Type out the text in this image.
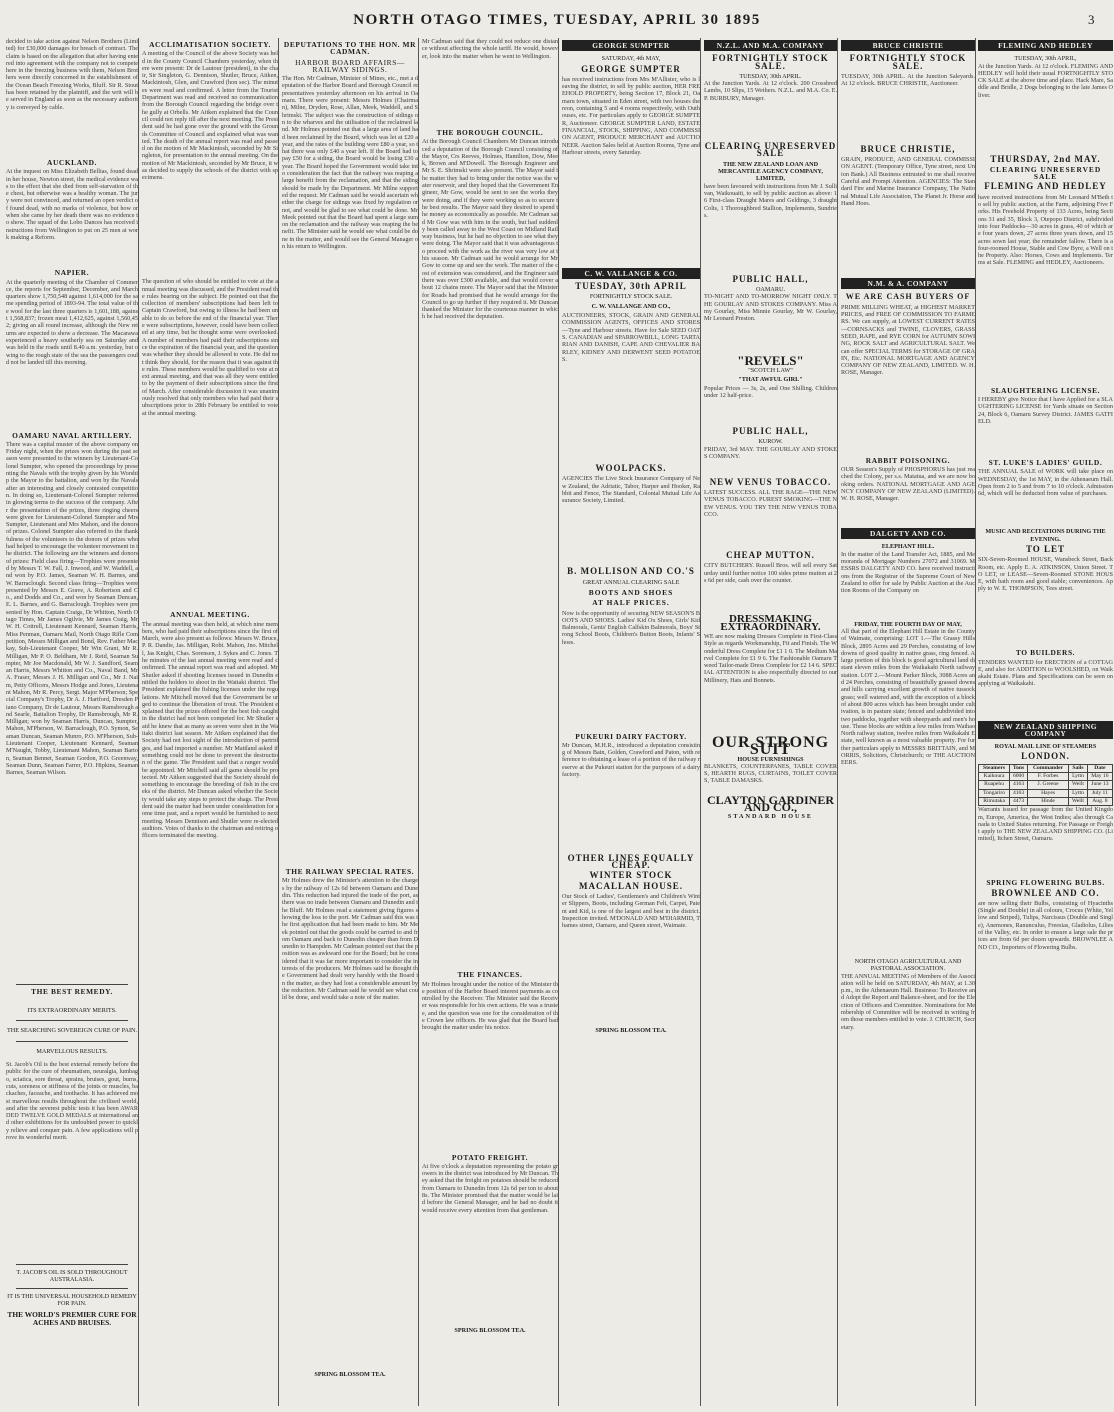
NORTH OTAGO TIMES, TUESDAY, APRIL 30 1895	3
decided to take action against Nelson Brothers (Limited) for £30,000 damages for breach of contract. The claim is based on the allegation that after having entered into agreement with the company not to compete here in the freezing business with them, Nelson Brothers were directly concerned in the establishment of the Ocean Beach Freezing Works, Bluff. Sir R. Stout has been retained by the plaintiff, and the writ will be served in England as soon as the necessary authority is conveyed by cable.
AUCKLAND.
At the inquest on Miss Elizabeth Bellias, found dead in her house, Newton street, the medical evidence was to the effect that she died from self-starvation of the chest, but otherwise was a healthy woman. The jury were not convinced, and returned an open verdict of found dead, with no marks of violence, but how or when she came by her death there was no evidence to show. The squad of the Lobo Dances has received instructions from Wellington to put on 25 men at work making a Reform.
NAPIER.
At the quarterly meeting of the Chamber of Commerce, the reports for September, December, and March quarters show 1,750,548 against 1,614,000 for the same spending period of 1893-94. The total value of the wool for the last three quarters is 1,601,188, against 1,568,837; frozen meat 1,412,625, against 1,560,452; giving an all round increase, although the New returns are expected to show a decrease. The Macarawa experienced a heavy southerly sea on Saturday and was held in the roads until 8.40 a.m. yesterday, but owing to the rough state of the sea the passengers could not be landed till this morning.
OAMARU NAVAL ARTILLERY.
There was a capital muster of the above company on Friday night, when the prizes won during the past season were presented to the winners by Lieutenant-Colonel Sumpter, who opened the proceedings by presenting the Navals with the trophy given by his Worship the Mayor to the battalion, and won by the Navals after an interesting and closely contested competition. In doing so, Lieutenant-Colonel Sumpter referred in glowing terms to the success of the company. After the presentation of the prizes, three ringing cheers were given for Lieutenant-Colonel Sumpter and Mrs Sumpter, Lieutenant and Mrs Mahon, and the donors of prizes. Colonel Sumpter also referred to the thankfulness of the volunteers to the donors of prizes who had helped to encourage the volunteer movement in the district. The following are the winners and donors of prizes: Field class firing—Trophies were presented by Messrs T. W. Fall, J. Inwood, and W. Waddell, and won by P.O. James, Seaman W. H. Barnes, and W. Barraclough. Second class firing—Trophies were presented by Messrs E. Grave, A. Robertson and Co., and Dodds and Co., and won by Seaman Duncan, E. L. Barnes, and G. Barraclough. Trophies were presented by Hon. Captain Craigs, Dr Whitton, North Otago Times, Mr James Ogilvie, Mr James Craig, Mr W. H. Cottrell, Lieutenant Kennard, Seaman Harris, Miss Penman, Oamaru Mail, North Otago Rifle Competition, Messrs Milligan and Bond, Rev. Father Mackay, Sub-Lieutenant Cooper, Mr Win Grant, Mr R. Milligan, Mr P. O. Beldham, Mr J. Reid, Seaman Sumpter, Mr Joe Macdonald, Mr W. J. Sandford, Seaman Harris, Messrs Whitton and Co., Naval Band, Mr A. Fraser, Messrs J. H. Milligan and Co., Mr J. Naim, Petty Officers, Messrs Hodge and Jones, Lieutenant Mahon, Mr R. Percy, Sergt. Major M'Pherson; Special Company's Trophy, Dr A. J. Hartford, Dresden Piano Company, Dr de Lautour, Messrs Ramsbrough and Searle, Battalion Trophy, Dr Ramsbrough, Mr R. Milligan; won by Seaman Harris, Duncan, Sumpter, Mahon, M'Pherson, W. Barraclough, P.O. Symon, Seaman Duncan, Seaman Munro, P.O. M'Pherson, Sub-Lieutenant Cooper, Lieutenant Kennard, Seaman M'Naught, Tobby, Lieutenant Mahon, Seaman Barton, Seaman Bennet, Seaman Gordon, P.O. Greenway, Seaman Dunn, Seaman Farrer, P.O. Hipkins, Seaman Barnes, Seaman Wilson.
THE BEST REMEDY.
ITS EXTRAORDINARY MERITS.
THE SEARCHING SOVEREIGN CURE OF PAIN.
MARVELLOUS RESULTS.
St. Jacob's Oil is the best external remedy before the public for the cure of rheumatism, neuralgia, lumbago, sciatica, sore throat, sprains, bruises, gout, burns, cuts, soreness or stiffness of the joints or muscles, backaches, faceache, and toothache. It has achieved most marvellous results throughout the civilised world, and after the severest public tests it has been AWARDED TWELVE GOLD MEDALS at international and other exhibitions for its undoubted power to quickly relieve and conquer pain. A few applications will prove its wonderful merit.
T. JACOB'S OIL IS SOLD THROUGHOUT AUSTRALASIA.
IT IS THE UNIVERSAL HOUSEHOLD REMEDY FOR PAIN.
THE WORLD'S PREMIER CURE FOR ACHES AND BRUISES.
ACCLIMATISATION SOCIETY.
A meeting of the Council of the above Society was held in the County Council Chambers yesterday, when there were present: Dr de Lautour (president), in the chair, Sir Singleton, G. Dennison, Shutler, Bruce, Aitken, Mackintosh, Glen, and Crawford (hon sec). The minutes were read and confirmed. A letter from the Tourist Department was read and received no communication from the Borough Council regarding the bridge over the gully at Orbells. Mr Aitken explained that the Council could not reply till after the next meeting. The President said he had gone over the ground with the Grounds Committee of Council and explained what was wanted. The death of the annual report was read and passed on the motion of Mr Mackintosh, seconded by Mr Singleton, for presentation to the annual meeting. On the motion of Mr Mackintosh, seconded by Mr Bruce, it was decided to supply the schools of the district with specimens.
The question of who should be entitled to vote at the annual meeting was discussed, and the President read the rules bearing on the subject. He pointed out that the collection of members' subscriptions had been left to Captain Crawford, but owing to illness he had been unable to do so before the end of the financial year. There were subscriptions, however, could have been collected at any time, but he thought some were overlooked. A number of members had paid their subscriptions since the expiration of the financial year, and the question was whether they should be allowed to vote. He did not think they should, for the reason that it was against the rules. These members would be qualified to vote at next annual meeting, and that was all they were entitled to by the payment of their subscriptions since the first of March. After considerable discussion it was unanimously resolved that only members who had paid their subscriptions prior to 28th February be entitled to vote at the annual meeting.
ANNUAL MEETING.
The annual meeting was then held, at which nine members, who had paid their subscriptions since the first of March, were also present as follows: Messrs W. Bruce, P. R. Dandie, Jas. Milligan, Robt. Mahon, Jno. Mitchell, Jas Knight, Chas. Sorensen, J. Sykes and C. Jones. The minutes of the last annual meeting were read and confirmed. The annual report was read and adopted. Mr Shutler asked if shooting licenses issued in Dunedin entitled the holders to shoot in the Waitaki district. The President explained the fishing licenses under the regulations. Mr Mitchell moved that the Government be urged to continue the liberation of trout. The President explained that the prizes offered for the best fish caught in the district had not been competed for. Mr Shutler said he knew that as many as seven were shot in the Waitaki district last season. Mr Aitken explained that the Society had not lost sight of the introduction of partridges, and had imported a number. Mr Maitland asked if something could not be done to prevent the destruction of the game. The President said that a ranger would be appointed. Mr Mitchell said all game should be protected. Mr Aitken suggested that the Society should do something to encourage the breeding of fish in the creeks of the district. Mr Duncan asked whether the Society would take any steps to protect the shags. The President said the matter had been under consideration for some time past, and a report would be furnished to next meeting. Messrs Dennison and Shutler were re-elected auditors. Votes of thanks to the chairman and retiring officers terminated the meeting.
DEPUTATIONS TO THE HON. MR CADMAN.
HARBOR BOARD AFFAIRS—RAILWAY SIDINGS.
The Hon. Mr Cadman, Minister of Mines, etc., met a deputation of the Harbor Board and Borough Council representatives yesterday afternoon on his arrival in Oamaru. There were present: Messrs Holmes (Chairman), Milne, Dryden, Rose, Allan, Meek, Waddell, and Shrimski. The subject was the construction of sidings on to the wharves and the utilisation of the reclaimed land. Mr Holmes pointed out that a large area of land had been reclaimed by the Board, which was let at £20 a year, and the rates of the building were £80 a year, so that there was only £40 a year left. If the Board had to pay £50 for a siding, the Board would be losing £30 a year. The Board hoped the Government would take into consideration the fact that the railway was reaping a large benefit from the reclamation, and that the siding should be made by the Department. Mr Milne supported the request. Mr Cadman said he would ascertain whether the charge for sidings was fixed by regulation or not, and would be glad to see what could be done. Mr Meek pointed out that the Board had spent a large sum on the reclamation and the railway was reaping the benefit. The Minister said he would see what could be done in the matter, and would see the General Manager on his return to Wellington.
THE RAILWAY SPECIAL RATES.
Mr Holmes drew the Minister's attention to the charges by the railway of 12s 6d between Oamaru and Dunedin. This reduction had injured the trade of the port, as there was no trade between Oamaru and Dunedin and the Bluff. Mr Holmes read a statement giving figures showing the loss to the port. Mr Cadman said this was the first application that had been made to him. Mr Meek pointed out that the goods could be carried to and from Oamaru and back to Dunedin cheaper than from Dunedin to Hampden. Mr Cadman pointed out that the position was as awkward one for the Board; but he considered that it was far more important to consider the interests of the producers. Mr Holmes said he thought the Government had dealt very harshly with the Board in the matter, as they had lost a considerable amount by the reduction. Mr Cadman said he would see what could be done, and would take a note of the matter.
SPRING BLOSSOM TEA.
Mr Cadman said that they could not reduce one distance without affecting the whole tariff. He would, however, look into the matter when he went to Wellington.
THE BOROUGH COUNCIL.
At the Borough Council Chambers Mr Duncan introduced a deputation of the Borough Council consisting of the Mayor, Crs Reeves, Holmes, Hamilton, Dow, Meek, Brown and M'Dowell. The Borough Engineer and Mr S. E. Shrimski were also present. The Mayor said the matter they had to bring under the notice was the water reservoir, and they hoped that the Government Engineer, Mr Gow, would be sent to see the works they were doing, and if they were working so as to secure the best results. The Mayor said they desired to spend the money as economically as possible. Mr Cadman said Mr Gow was with him in the south, but had suddenly been called away to the West Coast on Midland Railway business, but he had no objection to see what they were doing. The Mayor said that it was advantageous to proceed with the work as the river was very low at this season. Mr Cadman said he would arrange for Mr Gow to come up and see the work. The matter of the cost of extension was considered, and the Engineer said there was over £300 available, and that would cover about 12 chains more. The Mayor said that the Minister for Roads had promised that he would arrange for the Council to go up further if they required it. Mr Duncan thanked the Minister for the courteous manner in which he had received the deputation.
THE FINANCES.
Mr Holmes brought under the notice of the Minister the position of the Harbor Board interest payments as controlled by the Receiver. The Minister said the Receiver was responsible for his own actions. He was a trustee, and the question was one for the consideration of the Crown law officers. He was glad that the Board had brought the matter under his notice.
POTATO FREIGHT.
At five o'clock a deputation representing the potato growers in the district was introduced by Mr Duncan. They asked that the freight on potatoes should be reduced from Oamaru to Dunedin from 12s 6d per ton to about 8s. The Minister promised that the matter would be laid before the General Manager, and he had no doubt it would receive every attention from that gentleman.
SPRING BLOSSOM TEA.
GEORGE SUMPTER
SATURDAY, 4th MAY,
GEORGE SUMPTER
has received instructions from Mrs M'Allister, who is leaving the district, to sell by public auction, HER FREEHOLD PROPERTY, being Section 17, Block 21, Oamaru town, situated in Eden street, with two houses thereon, containing 5 and 4 rooms respectively, with Outhouses, etc. For particulars apply to GEORGE SUMPTER, Auctioneer. GEORGE SUMPTER LAND, ESTATE FINANCIAL, STOCK, SHIPPING, AND COMMISSION AGENT, PRODUCE MERCHANT and AUCTIONEER. Auction Sales held at Auction Rooms, Tyne and Harbour streets, every Saturday.
C. W. VALLANGE & CO.
TUESDAY, 30th APRIL
FORTNIGHTLY STOCK SALE.
C. W. VALLANGE AND CO.,
AUCTIONEERS, STOCK, GRAIN AND GENERAL COMMISSION AGENTS, OFFICES AND STORES—Tyne and Harbour streets. Have for Sale SEED OATS. CANADIAN and SPARROWBILL, LONG TARTARIAN AND DANISH, CAPE AND CHEVALIER BARLEY, KIDNEY AND DERWENT SEED POTATOES.
WOOLPACKS.
AGENCIES The Live Stock Insurance Company of New Zealand, the Adriatic, Tabor, Harper and Hooker, Rabbit and Fence, The Standard, Colonial Mutual Life Assurance Society, Limited.
B. MOLLISON AND CO.'S
GREAT ANNUAL CLEARING SALE
BOOTS AND SHOES
AT HALF PRICES.
Now is the opportunity of securing NEW SEASON'S BOOTS AND SHOES. Ladies' Kid Ox Shoes, Girls' Kid Balmorals, Gents' English Calfskin Balmorals, Boys' Strong School Boots, Children's Button Boots, Infants' Shoes.
PUKEURI DAIRY FACTORY.
Mr Duncan, M.H.R., introduced a deputation consisting of Messrs Bain, Golden, Crawford and Paton, with reference to obtaining a lease of a portion of the railway reserve at the Pukeuri station for the purposes of a dairy factory.
OTHER LINES EQUALLY CHEAP.
WINTER STOCK
MACALLAN HOUSE.
Our Stock of Ladies', Gentlemen's and Children's Winter Slippers, Boots, including German Felt, Carpet, Patent and Kid, is one of the largest and best in the district. Inspection invited. M'DONALD AND M'DIARMID, Thames street, Oamaru, and Queen street, Waimate.
SPRING BLOSSOM TEA.
N.Z.L. AND M.A. COMPANY
FORTNIGHTLY STOCK SALE.
TUESDAY, 30th APRIL.
At the Junction Yards. At 12 o'clock. 200 Crossbred Lambs, 10 Slips, 15 Wethers. N.Z.L. and M.A. Co. E. P. BURBURY, Manager.
CLEARING UNRESERVED SALE
THE NEW ZEALAND LOAN AND MERCANTILE AGENCY COMPANY, LIMITED,
have been favoured with instructions from Mr J. Sullivan, Waikouaiti, to sell by public auction as above: 16 First-class Draught Mares and Geldings, 3 draught Colts, 1 Thoroughbred Stallion, Implements, Sundries.
PUBLIC HALL,
OAMARU.
TO-NIGHT AND TO-MORROW NIGHT ONLY. THE GOURLAY AND STOKES COMPANY. Miss Amy Gourlay, Miss Minnie Gourlay, Mr W. Gourlay, Mr Leonard Preston.
"REVELS"
"SCOTCH LAW"
"THAT AWFUL GIRL"
Popular Prices — 3s, 2s, and One Shilling. Children under 12 half-price.
PUBLIC HALL,
KUROW.
FRIDAY, 3rd MAY. THE GOURLAY AND STOKES COMPANY.
NEW VENUS TOBACCO.
LATEST SUCCESS. ALL THE RAGE—THE NEW VENUS TOBACCO. PUREST SMOKING—THE NEW VENUS. YOU TRY THE NEW VENUS TOBACCO.
CHEAP MUTTON.
CITY BUTCHERY. Russell Bros. will sell every Saturday until further notice 100 sides prime mutton at 2s 6d per side, cash over the counter.
DRESSMAKING EXTRAORDINARY.
WE are now making Dresses Complete in First-Class Style as regards Workmanship, Fit and Finish. The Wonderful Dress Complete for £1 1 0. The Medium Marvel Complete for £1 9 6. The Fashionable Oamaru Tweed Tailor-made Dress Complete for £2 14 6. SPECIAL ATTENTION is also respectfully directed to our Millinery, Hats and Bonnets.
OUR STRONG SUIT
HOUSE FURNISHINGS
BLANKETS, COUNTERPANES, TABLE COVERS, HEARTH RUGS, CURTAINS, TOILET COVERS, TABLE DAMASKS.
CLAYTON GARDINER AND CO.,
STANDARD HOUSE
BRUCE CHRISTIE
FORTNIGHTLY STOCK SALE.
TUESDAY, 30th APRIL. At the Junction Saleyards. At 12 o'clock. BRUCE CHRISTIE, Auctioneer.
BRUCE CHRISTIE,
GRAIN, PRODUCE, AND GENERAL COMMISSION AGENT. (Temporary Office, Tyne street, next Union Bank.) All Business entrusted to me shall receive Careful and Prompt Attention. AGENCIES: The Standard Fire and Marine Insurance Company, The National Mutual Life Association, The Planet Jr. Horse and Hand Hoes.
N.M. & A. COMPANY
WE ARE CASH BUYERS OF
PRIME MILLING WHEAT, at HIGHEST MARKET PRICES, and FREE OF COMMISSION TO FARMERS. We can supply, at LOWEST CURRENT RATES—CORNSACKS and TWINE, CLOVERS, GRASS SEED, RAPE, and RYE CORN for AUTUMN SOWING, ROCK SALT and AGRICULTURAL SALT. We can offer SPECIAL TERMS for STORAGE OF GRAIN, Etc. NATIONAL MORTGAGE AND AGENCY COMPANY OF NEW ZEALAND, LIMITED. W. H. ROSE, Manager.
RABBIT POISONING.
OUR Season's Supply of PHOSPHORUS has just reached the Colony, per s.s. Matatua, and we are now booking orders. NATIONAL MORTGAGE AND AGENCY COMPANY OF NEW ZEALAND (LIMITED). W. H. ROSE, Manager.
DALGETY AND CO.
ELEPHANT HILL.
In the matter of the Land Transfer Act, 1885, and Memoranda of Mortgage Numbers 27072 and 31069. MESSRS DALGETY AND CO. have received instructions from the Registrar of the Supreme Court of New Zealand to offer for sale by Public Auction at the Auction Rooms of the Company on
FRIDAY, THE FOURTH DAY OF MAY,
All that part of the Elephant Hill Estate in the County of Waimate, comprising: LOT 1.—The Grassy Hills Block, 2895 Acres and 29 Perches, consisting of low downs of good quality in native grass, ring fenced. A large portion of this block is good agricultural land distant eleven miles from the Waikakahi North railway station. LOT 2.—Mount Parker Block, 3088 Acres and 24 Perches, consisting of beautifully grassed downs and hills carrying excellent growth of native tussock grass; well watered and, with the exception of a block of about 800 acres which has been brought under cultivation, is in pasture state; fenced and subdivided into two paddocks, together with sheepyards and men's house. These blocks are within a few miles from Waihao North railway station, twelve miles from Waikakahi Estate, well known as a most valuable property. For further particulars apply to MESSRS BRITTAIN, and MORRIS, Solicitors, Christchurch; or THE AUCTIONEERS.
NORTH OTAGO AGRICULTURAL AND PASTORAL ASSOCIATION.
THE ANNUAL MEETING of Members of the Association will be held on SATURDAY, 4th MAY, at 1.30 p.m., in the Athenaeum Hall. Business: To Receive and Adopt the Report and Balance-sheet, and for the Election of Officers and Committee. Nominations for Membership of Committee will be received in writing from those members entitled to vote. J. CHURCH, Secretary.
FLEMING AND HEDLEY
TUESDAY, 30th APRIL,
At the Junction Yards. At 12 o'clock. FLEMING AND HEDLEY will hold their usual FORTNIGHTLY STOCK SALE at the above time and place. Hack Mare, Saddle and Bridle, 2 Dogs belonging to the late James Oliver.
THURSDAY, 2nd MAY.
CLEARING UNRESERVED SALE
FLEMING AND HEDLEY
have received instructions from Mr Leonard M'Beth to sell by public auction, at the Farm, adjoining Five Forks. His Freehold Property of 133 Acres, being Sections 31 and 35, Block 3, Otepopo District, subdivided into four Paddocks—30 acres in grass, 40 of which are four years down, 27 acres three years down, and 15 acres sown last year; the remainder fallow. There is a four-roomed House, Stable and Cow Byre, a Well on the Property. Also: Horses, Cows and Implements. Terms at Sale. FLEMING and HEDLEY, Auctioneers.
SLAUGHTERING LICENSE.
I HEREBY give Notice that I have Applied for a SLAUGHTERING LICENSE for Yards situate on Section 24, Block 6, Oamaru Survey District. JAMES GATFIELD.
ST. LUKE'S LADIES' GUILD.
THE ANNUAL SALE of WORK will take place on WEDNESDAY, the 1st MAY, in the Athenaeum Hall. Open from 2 to 5 and from 7 to 10 o'clock. Admission 6d, which will be deducted from value of purchases.
MUSIC AND RECITATIONS DURING THE EVENING.
TO LET
SIX-Seven-Roomed HOUSE, Wansbeck Street, Back Room, etc. Apply E. A. ATKINSON, Union Street. TO LET, or LEASE—Seven-Roomed STONE HOUSE, with bath room and good stable; conveniences. Apply to W. E. THOMPSON, Tees street.
TO BUILDERS.
TENDERS WANTED for ERECTION of a COTTAGE, and also for ADDITION to WOOLSHED, on Waikakahi Estate. Plans and Specifications can be seen on applying at Waikakahi.
NEW ZEALAND SHIPPING COMPANY
ROYAL MAIL LINE OF STEAMERS
LONDON.
Steamers	Tons	Commander	Sails	Date
Kaikoura	6000	F. Forbes	Lyttn	May 16
Ruapehu	4163	J. Greene	Wellt	June 13
Tongariro	4163	Hayes	Lyttn	July 11
Rimutaka	4473	Hinde	Wellt	Aug. 8
Warrants issued for passage from the United Kingdom, Europe, America, the West Indies; also through Canada to United States returning. For Passage or Freight apply to THE NEW ZEALAND SHIPPING CO. (Limited), Itchen Street, Oamaru.
SPRING FLOWERING BULBS.
BROWNLEE AND CO.
are now selling their Bulbs, consisting of Hyacinths (Single and Double) in all colours, Crocus (White, Yellow and Striped), Tulips, Narcissus (Double and Single), Anemones, Ranunculus, Freesias, Gladiolus, Lilies of the Valley, etc. In order to ensure a large sale the prices are from 6d per dozen upwards. BROWNLEE AND CO., Importers of Flowering Bulbs.
